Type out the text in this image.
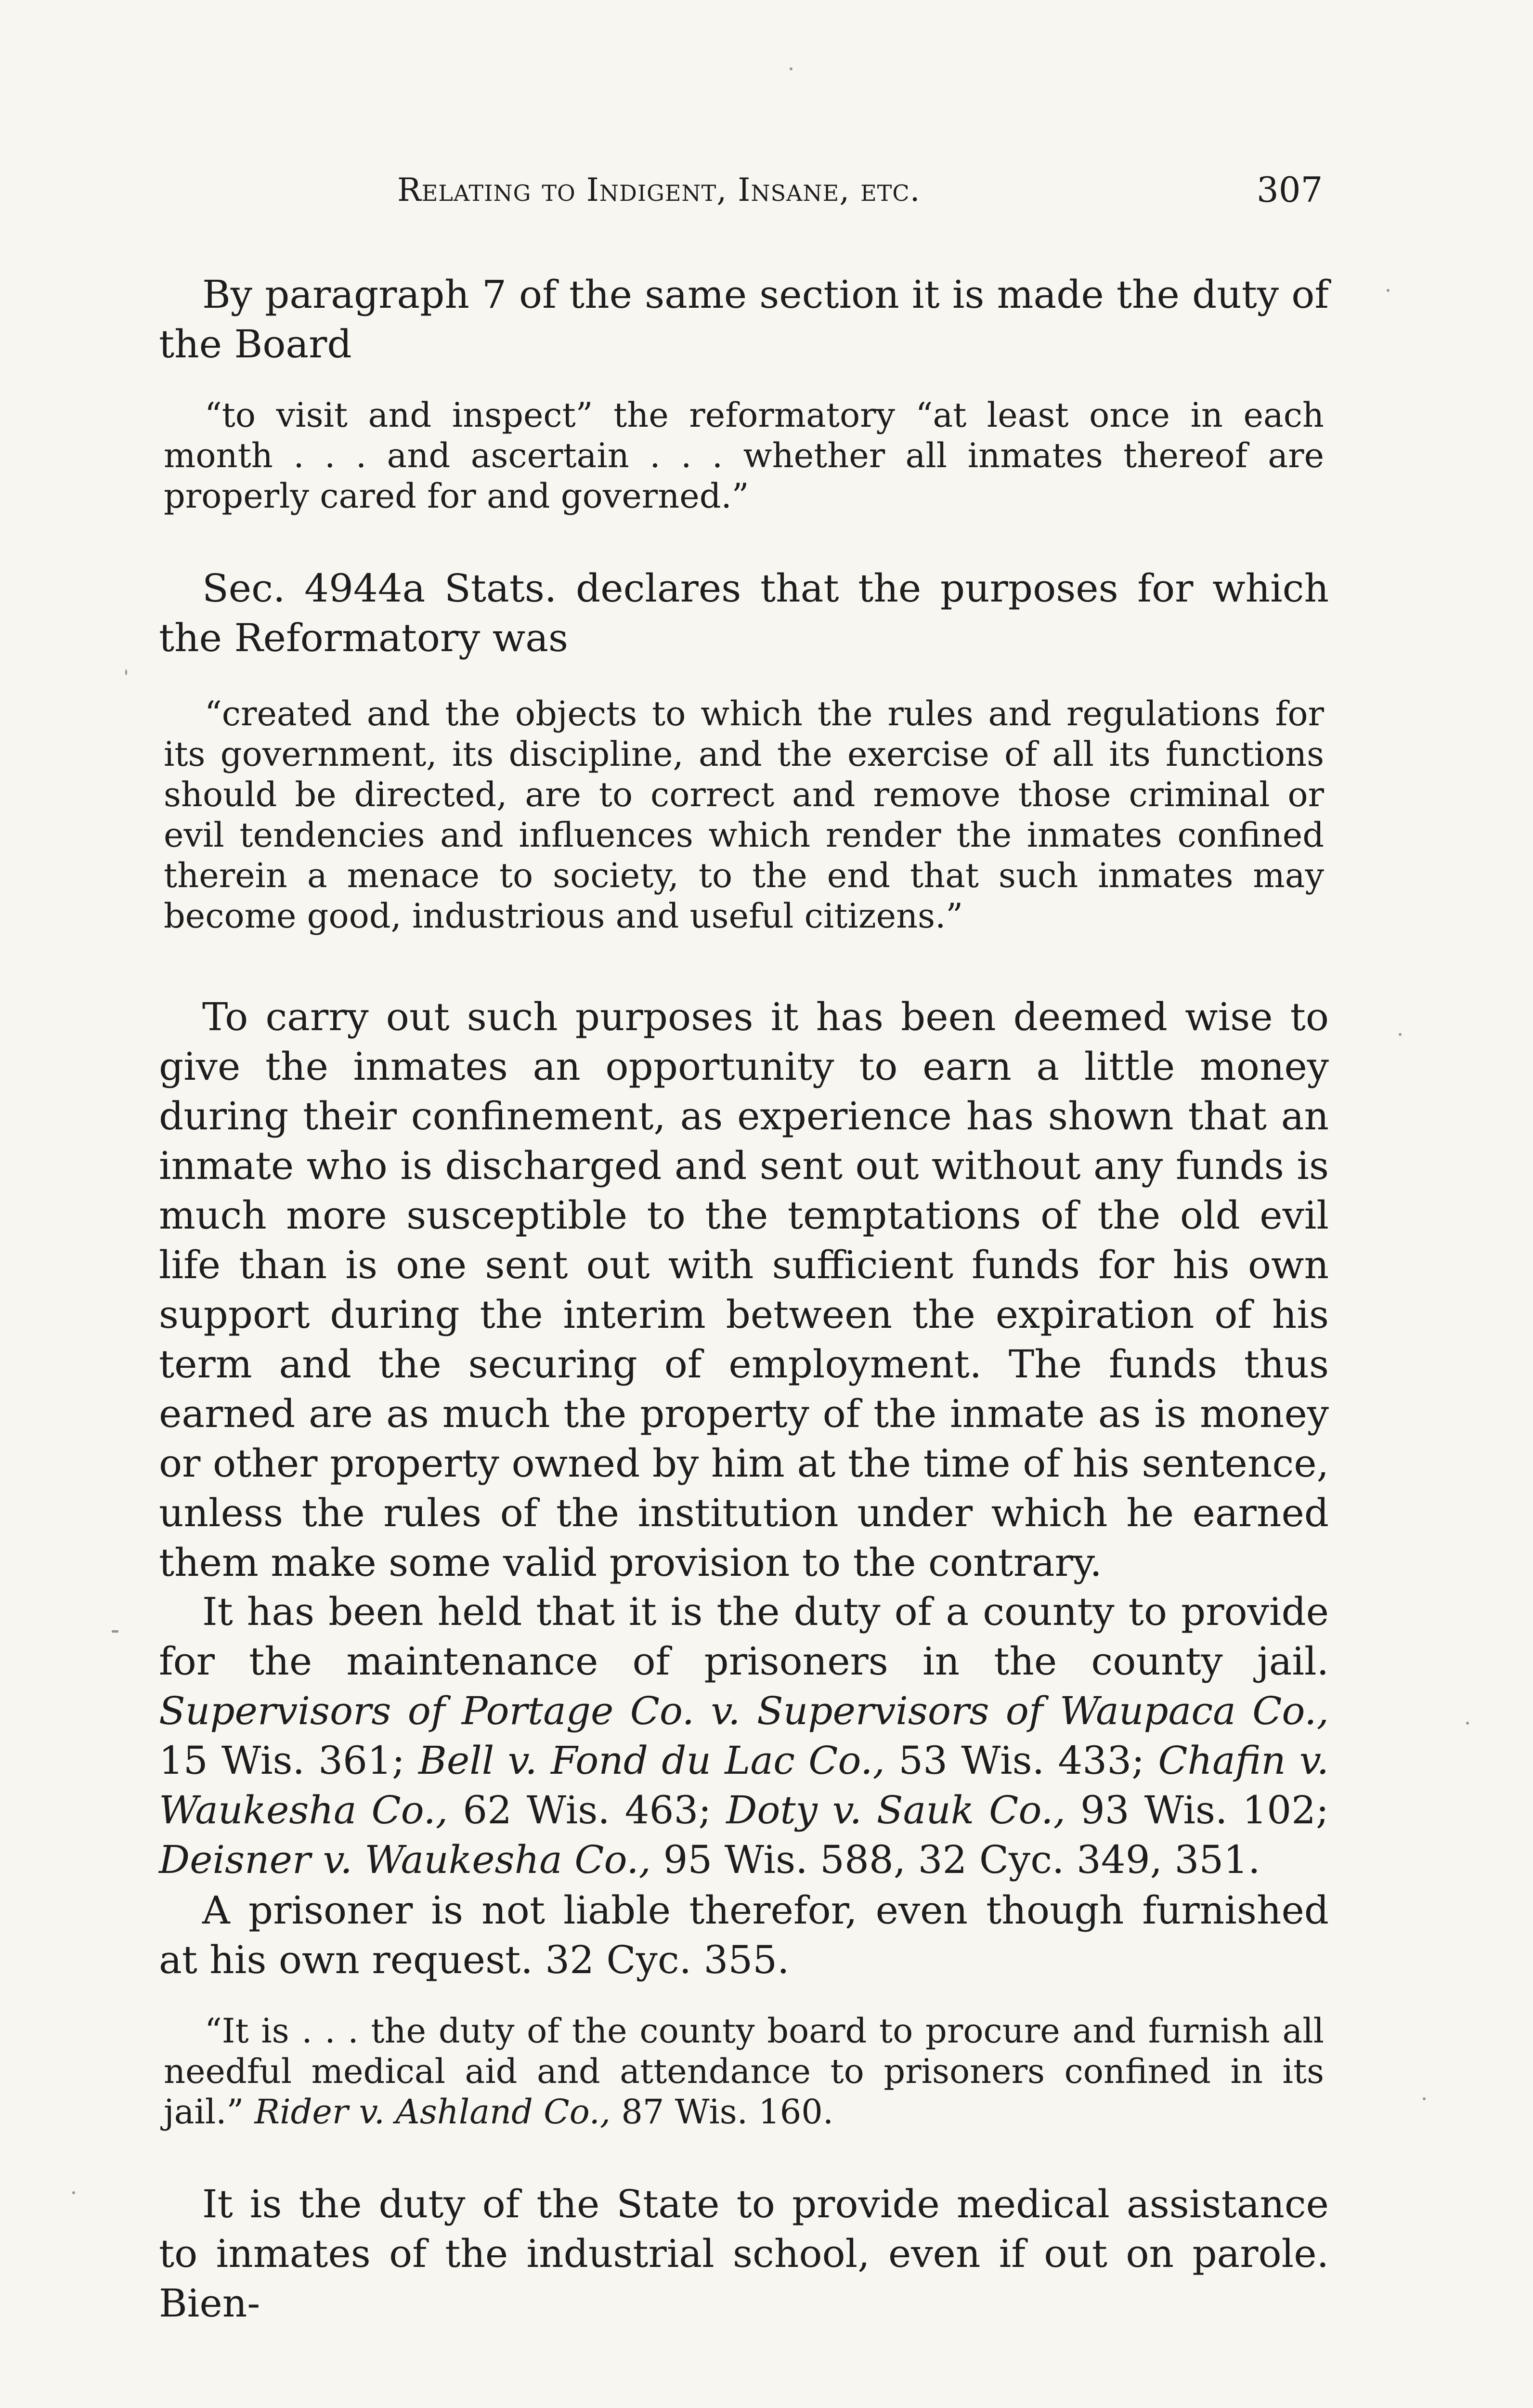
Relating to Indigent, Insane, etc.	307

By paragraph 7 of the same section it is made the duty of the Board

“to visit and inspect” the reformatory “at least once in each month . . . and ascertain . . . whether all inmates thereof are properly cared for and governed.”

Sec. 4944a Stats. declares that the purposes for which the Reformatory was

“created and the objects to which the rules and regulations for its government, its discipline, and the exercise of all its functions should be directed, are to correct and remove those criminal or evil tendencies and influences which render the inmates confined therein a menace to society, to the end that such inmates may become good, industrious and useful citizens.”

To carry out such purposes it has been deemed wise to give the inmates an opportunity to earn a little money during their confinement, as experience has shown that an inmate who is discharged and sent out without any funds is much more susceptible to the temptations of the old evil life than is one sent out with sufficient funds for his own support during the interim between the expiration of his term and the securing of employment. The funds thus earned are as much the property of the inmate as is money or other property owned by him at the time of his sentence, unless the rules of the institution under which he earned them make some valid provision to the contrary.

It has been held that it is the duty of a county to provide for the maintenance of prisoners in the county jail. Supervisors of Portage Co. v. Supervisors of Waupaca Co., 15 Wis. 361; Bell v. Fond du Lac Co., 53 Wis. 433; Chafin v. Waukesha Co., 62 Wis. 463; Doty v. Sauk Co., 93 Wis. 102; Deisner v. Waukesha Co., 95 Wis. 588, 32 Cyc. 349, 351.

A prisoner is not liable therefor, even though furnished at his own request. 32 Cyc. 355.

“It is . . . the duty of the county board to procure and furnish all needful medical aid and attendance to prisoners confined in its jail.” Rider v. Ashland Co., 87 Wis. 160.

It is the duty of the State to provide medical assistance to inmates of the industrial school, even if out on parole. Bien-
